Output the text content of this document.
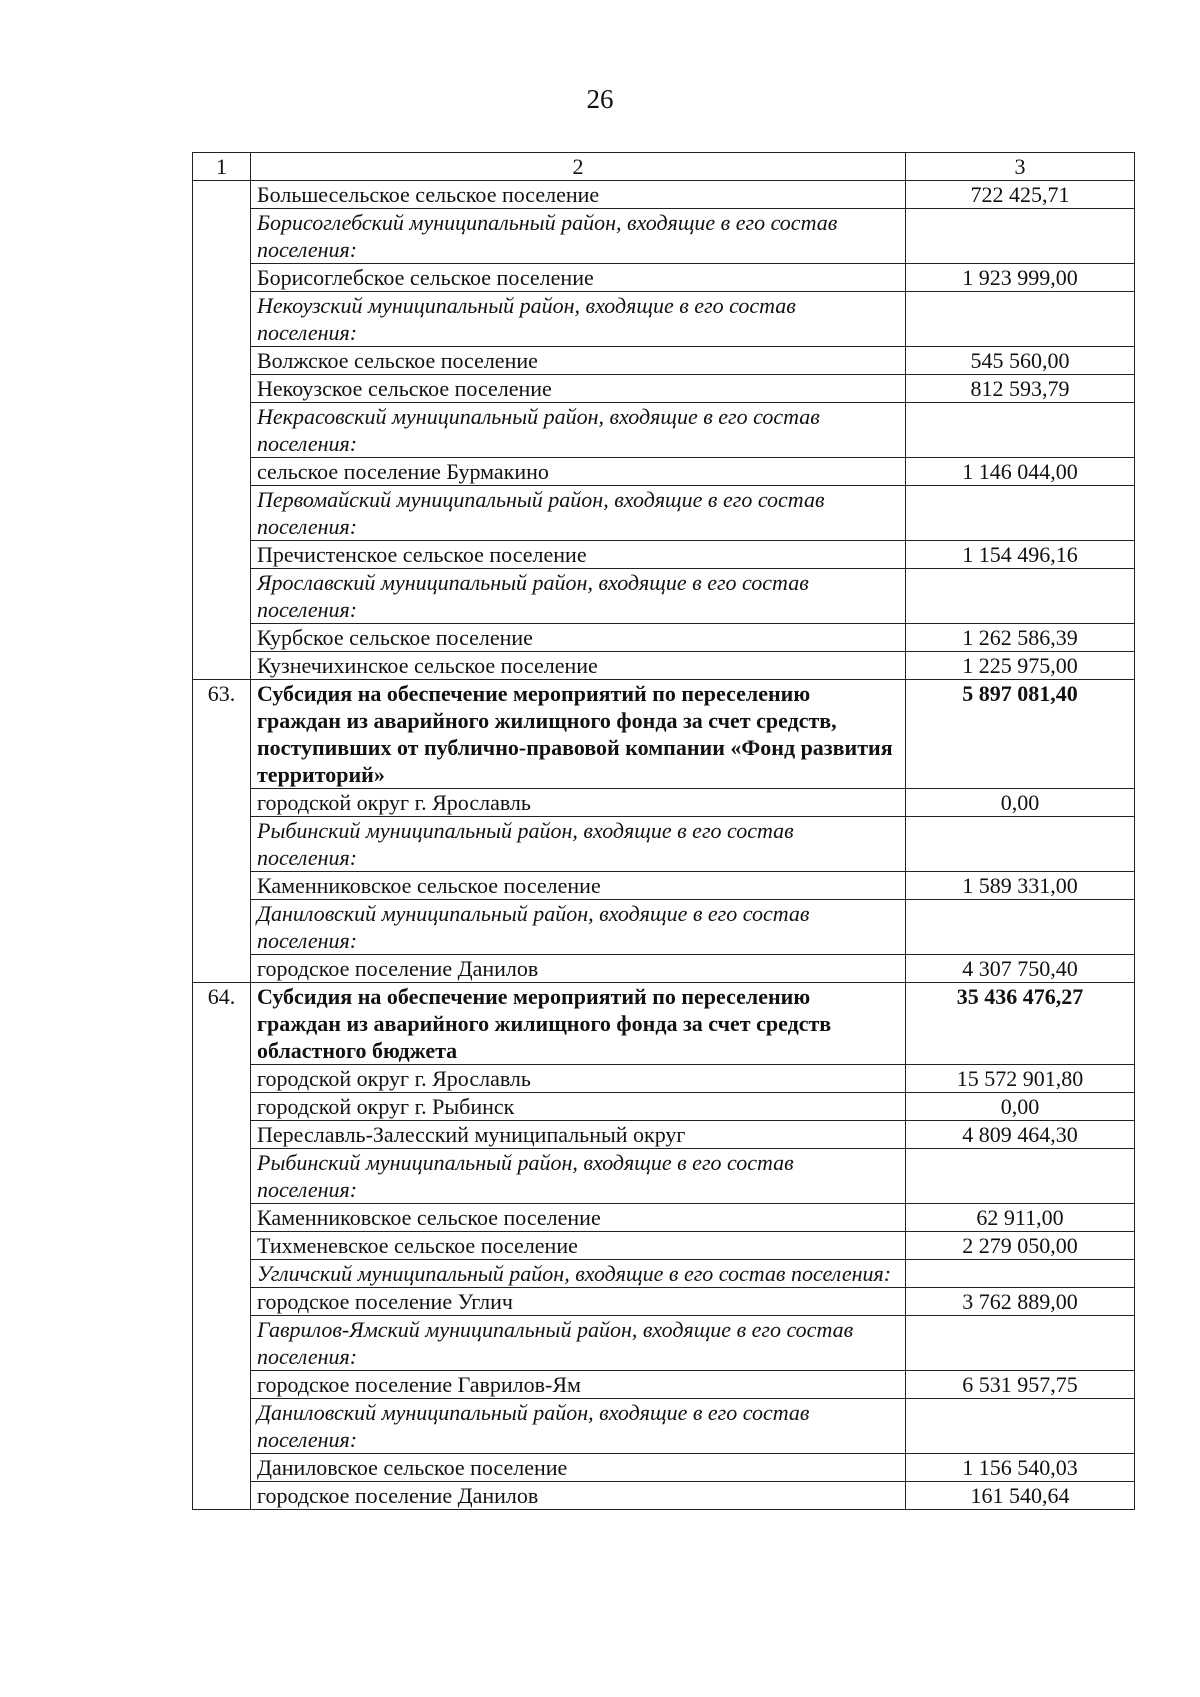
26
1	2	3
	Большесельское сельское поселение	722 425,71
	Борисоглебский муниципальный район, входящие в его состав поселения:	
	Борисоглебское сельское поселение	1 923 999,00
	Некоузский муниципальный район, входящие в его состав поселения:	
	Волжское сельское поселение	545 560,00
	Некоузское сельское поселение	812 593,79
	Некрасовский муниципальный район, входящие в его состав поселения:	
	сельское поселение Бурмакино	1 146 044,00
	Первомайский муниципальный район, входящие в его состав поселения:	
	Пречистенское сельское поселение	1 154 496,16
	Ярославский муниципальный район, входящие в его состав поселения:	
	Курбское сельское поселение	1 262 586,39
	Кузнечихинское сельское поселение	1 225 975,00
63.	Субсидия на обеспечение мероприятий по переселению граждан из аварийного жилищного фонда за счет средств, поступивших от публично-правовой компании «Фонд развития территорий»	5 897 081,40
	городской округ г. Ярославль	0,00
	Рыбинский муниципальный район, входящие в его состав поселения:	
	Каменниковское сельское поселение	1 589 331,00
	Даниловский муниципальный район, входящие в его состав поселения:	
	городское поселение Данилов	4 307 750,40
64.	Субсидия на обеспечение мероприятий по переселению граждан из аварийного жилищного фонда за счет средств областного бюджета	35 436 476,27
	городской округ г. Ярославль	15 572 901,80
	городской округ г. Рыбинск	0,00
	Переславль-Залесский муниципальный округ	4 809 464,30
	Рыбинский муниципальный район, входящие в его состав поселения:	
	Каменниковское сельское поселение	62 911,00
	Тихменевское сельское поселение	2 279 050,00
	Угличский муниципальный район, входящие в его состав поселения:	
	городское поселение Углич	3 762 889,00
	Гаврилов-Ямский муниципальный район, входящие в его состав поселения:	
	городское поселение Гаврилов-Ям	6 531 957,75
	Даниловский муниципальный район, входящие в его состав поселения:	
	Даниловское сельское поселение	1 156 540,03
	городское поселение Данилов	161 540,64
